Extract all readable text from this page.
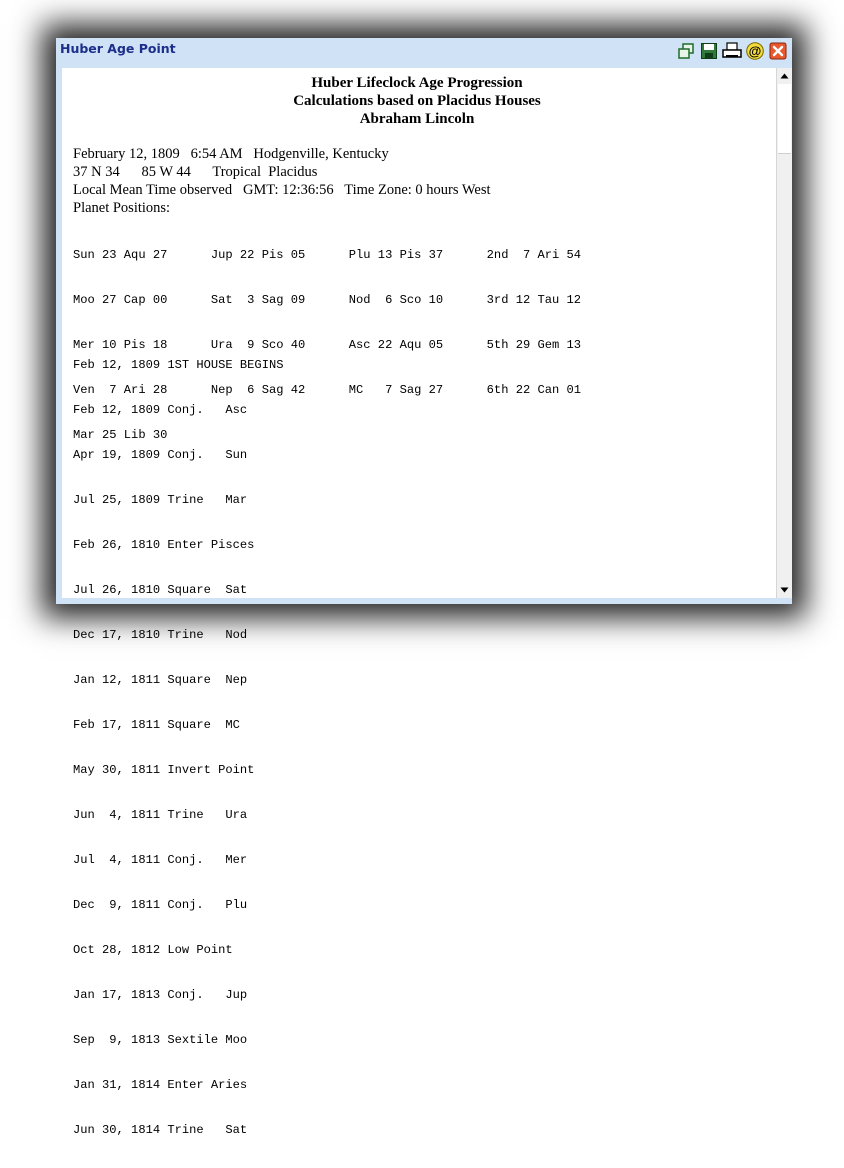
Huber Age Point	@
Huber Lifeclock Age Progression
Calculations based on Placidus Houses
Abraham Lincoln
February 12, 1809   6:54 AM   Hodgenville, Kentucky
37 N 34      85 W 44      Tropical  Placidus
Local Mean Time observed   GMT: 12:36:56   Time Zone: 0 hours West
Planet Positions:

Sun 23 Aqu 27      Jup 22 Pis 05      Plu 13 Pis 37      2nd  7 Ari 54

Moo 27 Cap 00      Sat  3 Sag 09      Nod  6 Sco 10      3rd 12 Tau 12

Mer 10 Pis 18      Ura  9 Sco 40      Asc 22 Aqu 05      5th 29 Gem 13

Ven  7 Ari 28      Nep  6 Sag 42      MC   7 Sag 27      6th 22 Can 01

Mar 25 Lib 30

Feb 12, 1809 1ST HOUSE BEGINS

Feb 12, 1809 Conj.   Asc

Apr 19, 1809 Conj.   Sun

Jul 25, 1809 Trine   Mar

Feb 26, 1810 Enter Pisces

Jul 26, 1810 Square  Sat

Dec 17, 1810 Trine   Nod

Jan 12, 1811 Square  Nep

Feb 17, 1811 Square  MC

May 30, 1811 Invert Point

Jun  4, 1811 Trine   Ura

Jul  4, 1811 Conj.   Mer

Dec  9, 1811 Conj.   Plu

Oct 28, 1812 Low Point

Jan 17, 1813 Conj.   Jup

Sep  9, 1813 Sextile Moo

Jan 31, 1814 Enter Aries

Jun 30, 1814 Trine   Sat
